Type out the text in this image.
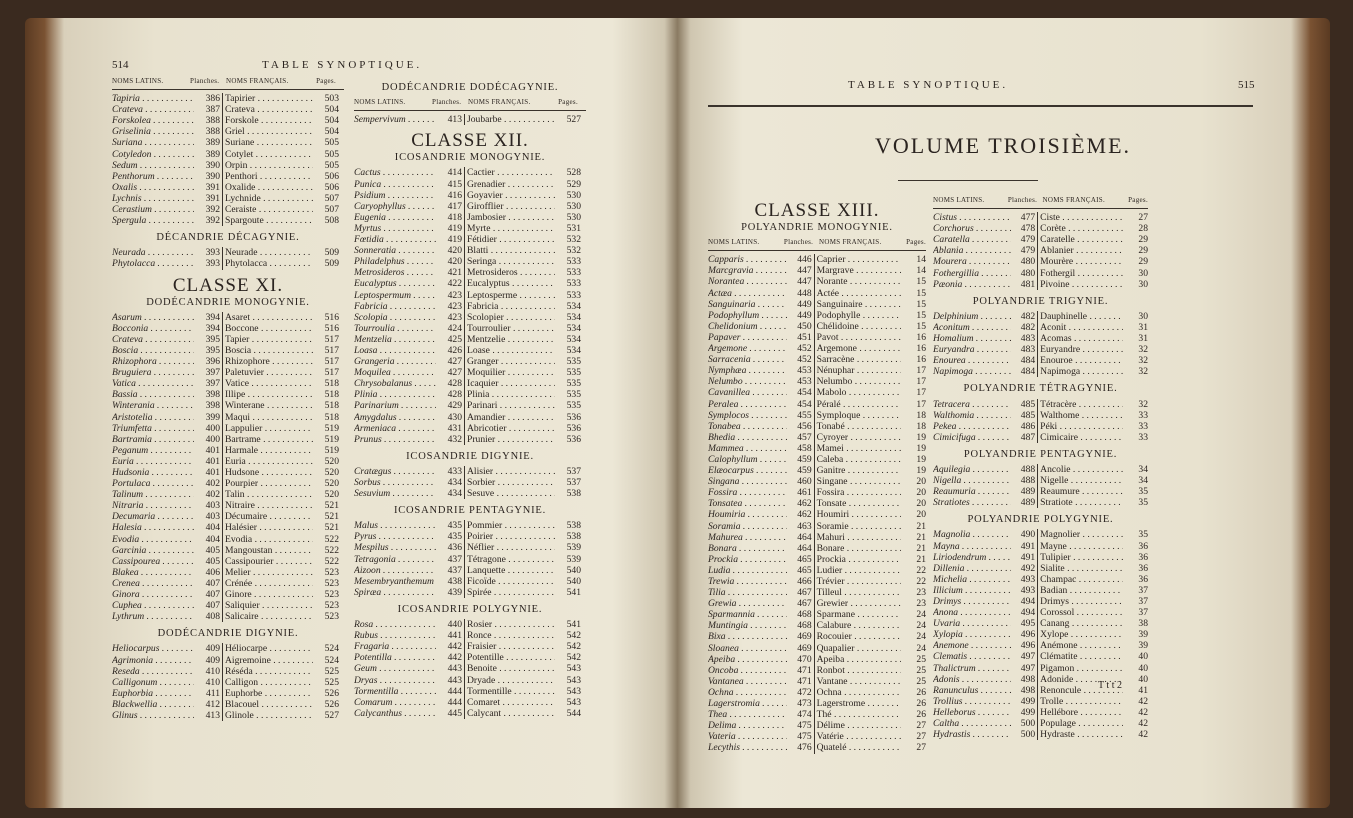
514	TABLE SYNOPTIQUE.
NOMS LATINS.	Planches. NOMS FRANÇAIS.	Pages.
Tapiria . . .	386 Tapirier . . .	503
Crateva . . .	387 Crateva . . .	504
Forskolea . . .	388 Forskole . . .	504
Griselinia . . .	388 Griel . . .	504
Suriana . . .	389 Suriane . . .	505
Cotyledon . . .	389 Cotylet . . .	505
Sedum . . .	390 Orpin . . .	505
Penthorum . . .	390 Penthori . . .	506
Oxalis . . .	391 Oxalide . . .	506
Lychnis . . .	391 Lychnide . . .	507
Cerastium . . .	392 Ceraiste . . .	507
Spergula . . .	392 Spargoute . . .	508
DÉCANDRIE DÉCAGYNIE.
Neurada . . .	393 Neurade . . .	509
Phytolacca . . .	393 Phytolacca . . .	509
CLASSE XI.
DODÉCANDRIE MONOGYNIE.
Asarum . . .	394 Asaret . . .	516
Bocconia . . .	394 Boccone . . .	516
Crateva . . .	395 Tapier . . .	517
Boscia . . .	395 Boscia . . .	517
Rhizophora . . .	396 Rhizophore . . .	517
Bruguiera . . .	397 Paletuvier . . .	517
Vatica . . .	397 Vatice . . .	518
Bassia . . .	398 Illipe . . .	518
Winterania . . .	398 Winterane . . .	518
Aristotelia . . .	399 Maqui . . .	518
Triumfetta . . .	400 Lappulier . . .	519
Bartramia . . .	400 Bartrame . . .	519
Peganum . . .	401 Harmale . . .	519
Euria . . .	401 Euria . . .	520
Hudsonia . . .	401 Hudsone . . .	520
Portulaca . . .	402 Pourpier . . .	520
Talinum . . .	402 Talin . . .	520
Nitraria . . .	403 Nitraire . . .	521
Decumaria . . .	403 Décumaire . . .	521
Halesia . . .	404 Halésier . . .	521
Evodia . . .	404 Evodia . . .	522
Garcinia . . .	405 Mangoustan . . .	522
Cassipourea . . .	405 Cassipourier . . .	522
Blakea . . .	406 Melier . . .	523
Crenea . . .	407 Crénée . . .	523
Ginora . . .	407 Ginore . . .	523
Cuphea . . .	407 Saliquier . . .	523
Lythrum . . .	408 Salicaire . . .	523
DODÉCANDRIE DIGYNIE.
Heliocarpus . . .	409 Héliocarpe . . .	524
Agrimonia . . .	409 Aigremoine . . .	524
Reseda . . .	410 Réséda . . .	525
Calligonum . . .	410 Calligon . . .	525
Euphorbia . . .	411 Euphorbe . . .	526
Blackwellia . . .	412 Blacouel . . .	526
Glinus . . .	413 Glinole . . .	527
DODÉCANDRIE DODÉCAGYNIE.
NOMS LATINS.	Planches. NOMS FRANÇAIS.	Pages.
Sempervivum . . .	413 Joubarbe . . .	527
CLASSE XII.
ICOSANDRIE MONOGYNIE.
Cactus . . .	414 Cactier . . .	528
Punica . . .	415 Grenadier . . .	529
Psidium . . .	416 Goyavier . . .	530
Caryophyllus . . .	417 Girofflier . . .	530
Eugenia . . .	418 Jambosier . . .	530
Myrtus . . .	419 Myrte . . .	531
Fœtidia . . .	419 Fétidier . . .	532
Sonneratia . . .	420 Blatti . . .	532
Philadelphus . . .	420 Seringa . . .	533
Metrosideros . . .	421 Metrosideros . . .	533
Eucalyptus . . .	422 Eucalyptus . . .	533
Leptospermum . . .	423 Leptosperme . . .	533
Fabricia . . .	423 Fabricia . . .	534
Scolopia . . .	423 Scolopier . . .	534
Tourroulia . . .	424 Tourroulier . . .	534
Mentzelia . . .	425 Mentzelie . . .	534
Loasa . . .	426 Loase . . .	534
Grangeria . . .	427 Granger . . .	535
Moquilea . . .	427 Moquilier . . .	535
Chrysobalanus . . .	428 Icaquier . . .	535
Plinia . . .	428 Plinia . . .	535
Parinarium . . .	429 Parinari . . .	535
Amygdalus . . .	430 Amandier . . .	536
Armeniaca . . .	431 Abricotier . . .	536
Prunus . . .	432 Prunier . . .	536
ICOSANDRIE DIGYNIE.
Cratægus . . .	433 Alisier . . .	537
Sorbus . . .	434 Sorbier . . .	537
Sesuvium . . .	434 Sesuve . . .	538
ICOSANDRIE PENTAGYNIE.
Malus . . .	435 Pommier . . .	538
Pyrus . . .	435 Poirier . . .	538
Mespilus . . .	436 Néflier . . .	539
Tetragonia . . .	437 Tétragone . . .	539
Aizoon . . .	437 Lanquette . . .	540
Mesembryanthemum . . .	438 Ficoïde . . .	540
Spiræa . . .	439 Spirée . . .	541
ICOSANDRIE POLYGYNIE.
Rosa . . .	440 Rosier . . .	541
Rubus . . .	441 Ronce . . .	542
Fragaria . . .	442 Fraisier . . .	542
Potentilla . . .	442 Potentille . . .	542
Geum . . .	443 Benoite . . .	543
Dryas . . .	443 Dryade . . .	543
Tormentilla . . .	444 Tormentille . . .	543
Comarum . . .	444 Comaret . . .	543
Calycanthus . . .	445 Calycant . . .	544
TABLE SYNOPTIQUE.	515
VOLUME TROISIÈME.
CLASSE XIII.
POLYANDRIE MONOGYNIE.
NOMS LATINS.	Planches. NOMS FRANÇAIS.	Pages.
Capparis . . .	446 Caprier . . .	14
Marcgravia . . .	447 Margrave . . .	14
Norantea . . .	447 Norante . . .	15
Actæa . . .	448 Actée . . .	15
Sanguinaria . . .	449 Sanguinaire . . .	15
Podophyllum . . .	449 Podophylle . . .	15
Chelidonium . . .	450 Chélidoine . . .	15
Papaver . . .	451 Pavot . . .	16
Argemone . . .	452 Argemone . . .	16
Sarracenia . . .	452 Sarracène . . .	16
Nymphæa . . .	453 Nénuphar . . .	17
Nelumbo . . .	453 Nelumbo . . .	17
Cavanillea . . .	454 Mabolo . . .	17
Peralea . . .	454 Péralé . . .	17
Symplocos . . .	455 Symploque . . .	18
Tonabea . . .	456 Tonabé . . .	18
Bhedia . . .	457 Cyroyer . . .	19
Mammea . . .	458 Mamei . . .	19
Calophyllum . . .	459 Caleba . . .	19
Elæocarpus . . .	459 Ganitre . . .	19
Singana . . .	460 Singane . . .	20
Fossira . . .	461 Fossira . . .	20
Tonsatea . . .	462 Tonsate . . .	20
Houmiria . . .	462 Houmiri . . .	20
Soramia . . .	463 Soramie . . .	21
Mahurea . . .	464 Mahuri . . .	21
Bonara . . .	464 Bonare . . .	21
Prockia . . .	465 Prockia . . .	21
Ludia . . .	465 Ludier . . .	22
Trewia . . .	466 Trévier . . .	22
Tilia . . .	467 Tilleul . . .	23
Grewia . . .	467 Grewier . . .	23
Sparmannia . . .	468 Sparmane . . .	24
Muntingia . . .	468 Calabure . . .	24
Bixa . . .	469 Rocouier . . .	24
Sloanea . . .	469 Quapalier . . .	24
Apeiba . . .	470 Apeiba . . .	25
Oncoba . . .	471 Ronbot . . .	25
Vantanea . . .	471 Vantane . . .	25
Ochna . . .	472 Ochna . . .	26
Lagerstromia . . .	473 Lagerstrome . . .	26
Thea . . .	474 Thé . . .	26
Delima . . .	475 Délime . . .	27
Vateria . . .	475 Vatérie . . .	27
Lecythis . . .	476 Quatelé . . .	27
NOMS LATINS.	Planches. NOMS FRANÇAIS.	Pages.
Cistus . . .	477 Ciste . . .	27
Corchorus . . .	478 Corète . . .	28
Caratella . . .	479 Caratelle . . .	29
Ablania . . .	479 Ablanier . . .	29
Mourera . . .	480 Mourère . . .	29
Fothergillia . . .	480 Fothergil . . .	30
Pæonia . . .	481 Pivoine . . .	30
POLYANDRIE TRIGYNIE.
Delphinium . . .	482 Dauphinelle . . .	30
Aconitum . . .	482 Aconit . . .	31
Homalium . . .	483 Acomas . . .	31
Euryandra . . .	483 Euryandre . . .	32
Enourea . . .	484 Enouroe . . .	32
Napimoga . . .	484 Napimoga . . .	32
POLYANDRIE TÉTRAGYNIE.
Tetracera . . .	485 Tétracère . . .	32
Walthomia . . .	485 Walthome . . .	33
Pekea . . .	486 Péki . . .	33
Cimicifuga . . .	487 Cimicaire . . .	33
POLYANDRIE PENTAGYNIE.
Aquilegia . . .	488 Ancolie . . .	34
Nigella . . .	488 Nigelle . . .	34
Reaumuria . . .	489 Reaumure . . .	35
Stratiotes . . .	489 Stratiote . . .	35
POLYANDRIE POLYGYNIE.
Magnolia . . .	490 Magnolier . . .	35
Mayna . . .	491 Mayne . . .	36
Liriodendrum . . .	491 Tulipier . . .	36
Dillenia . . .	492 Sialite . . .	36
Michelia . . .	493 Champac . . .	36
Illicium . . .	493 Badian . . .	37
Drimys . . .	494 Drimys . . .	37
Anona . . .	494 Corossol . . .	37
Uvaria . . .	495 Canang . . .	38
Xylopia . . .	496 Xylope . . .	39
Anemone . . .	496 Anémone . . .	39
Clematis . . .	497 Clématite . . .	40
Thalictrum . . .	497 Pigamon . . .	40
Adonis . . .	498 Adonide . . .	40
Ranunculus . . .	498 Renoncule . . .	41
Trollius . . .	499 Trolle . . .	42
Helleborus . . .	499 Hellébore . . .	42
Caltha . . .	500 Populage . . .	42
Hydrastis . . .	500 Hydraste . . .	42
T t t 2
